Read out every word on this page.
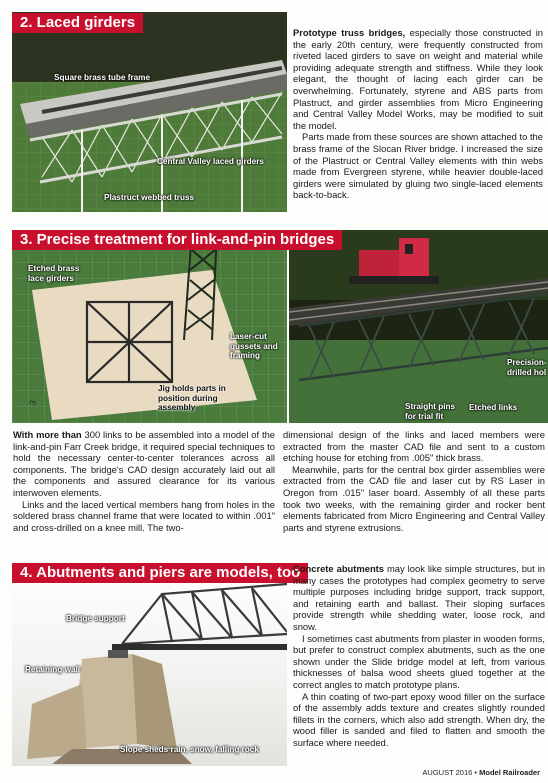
Square brass tube frame
Central Valley laced girders
Plastruct webbed truss
2. Laced girders

Prototype truss bridges, especially those constructed in the early 20th century, were frequently constructed from riveted laced girders to save on weight and material while providing adequate strength and stiffness. While they look elegant, the thought of lacing each girder can be overwhelming. Fortunately, styrene and ABS parts from Plastruct, and girder assemblies from Micro Engineering and Central Valley Model Works, may be modified to suit the model.

Parts made from these sources are shown attached to the brass frame of the Slocan River bridge. I increased the size of the Plastruct or Central Valley elements with thin webs made from Evergreen styrene, while heavier double-laced girders were simulated by gluing two single-laced elements back-to-back.

3
Etched brass
lace girders
Laser-cut
gussets and
framing
Jig holds parts in
position during
assembly
Precision-
drilled hol
Straight pins
for trial fit
Etched links
3. Precise treatment for link-and-pin bridges

With more than 300 links to be assembled into a model of the link-and-pin Farr Creek bridge, it required special techniques to hold the necessary center-to-center tolerances across all components. The bridge's CAD design accurately laid out all the components and assured clearance for its various interwoven elements.

Links and the laced vertical members hang from holes in the soldered brass channel frame that were located to within .001" and cross-drilled on a knee mill. The two-

dimensional design of the links and laced members were extracted from the master CAD file and sent to a custom etching house for etching from .005" thick brass.

Meanwhile, parts for the central box girder assemblies were extracted from the CAD file and laser cut by RS Laser in Oregon from .015" laser board. Assembly of all these parts took two weeks, with the remaining girder and rocker bent elements fabricated from Micro Engineering and Central Valley parts and styrene extrusions.

Bridge support
Retaining wall
Slope sheds rain, snow, falling rock
4. Abutments and piers are models, too

Concrete abutments may look like simple structures, but in many cases the prototypes had complex geometry to serve multiple purposes including bridge support, track support, and retaining earth and ballast. Their sloping surfaces provide strength while shedding water, loose rock, and snow.

I sometimes cast abutments from plaster in wooden forms, but prefer to construct complex abutments, such as the one shown under the Slide bridge model at left, from various thicknesses of balsa wood sheets glued together at the correct angles to match prototype plans.

A thin coating of two-part epoxy wood filler on the surface of the assembly adds texture and creates slightly rounded fillets in the corners, which also add strength. When dry, the wood filler is sanded and filed to flatten and smooth the surface where needed.

AUGUST 2016 • Model Railroader
